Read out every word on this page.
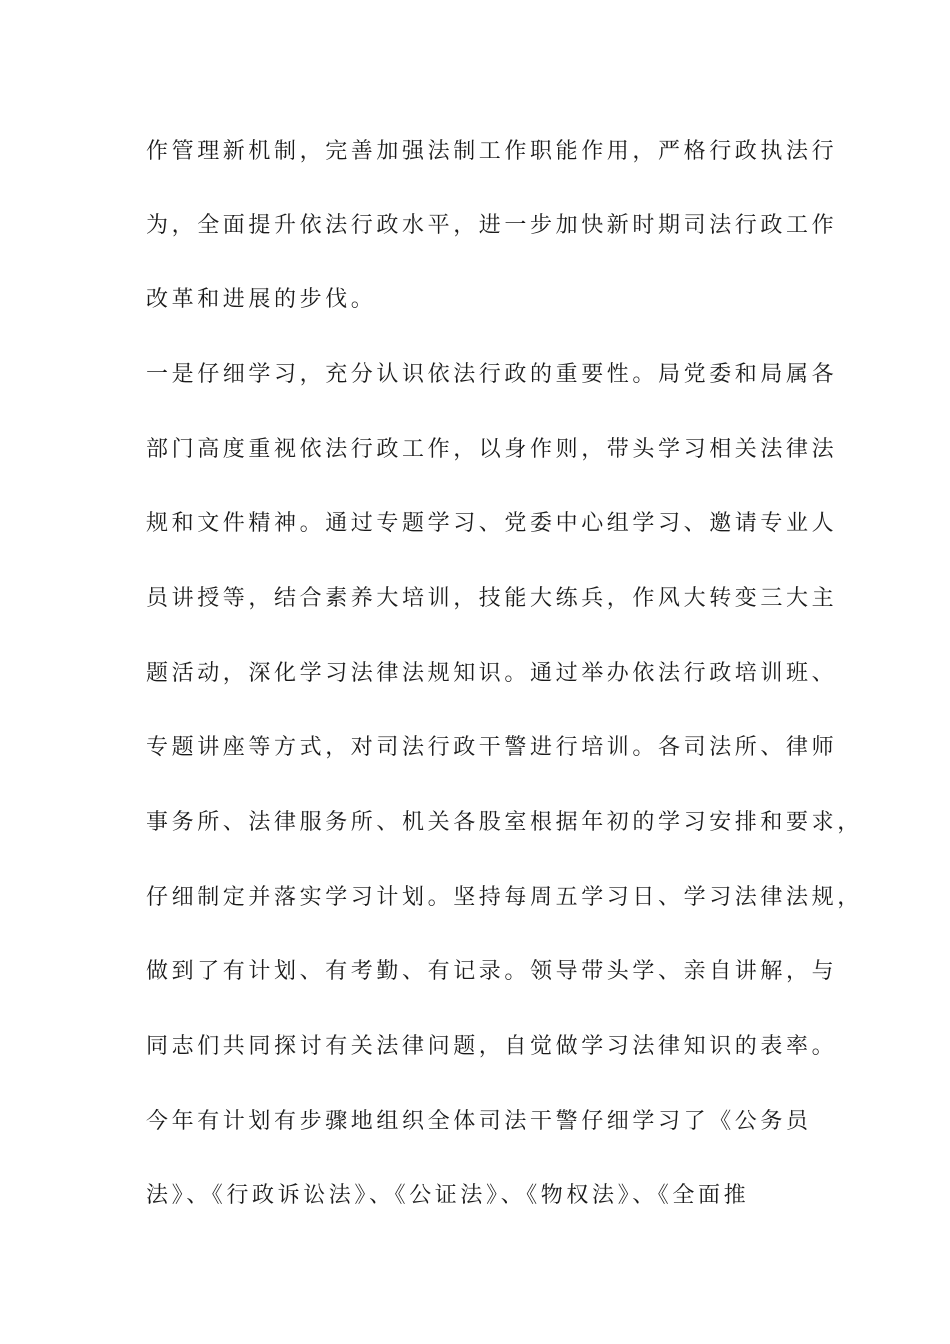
作管理新机制，完善加强法制工作职能作用，严格行政执法行
为，全面提升依法行政水平，进一步加快新时期司法行政工作
改革和进展的步伐。
一是仔细学习，充分认识依法行政的重要性。局党委和局属各
部门高度重视依法行政工作，以身作则，带头学习相关法律法
规和文件精神。通过专题学习、党委中心组学习、邀请专业人
员讲授等，结合素养大培训，技能大练兵，作风大转变三大主
题活动，深化学习法律法规知识。通过举办依法行政培训班、
专题讲座等方式，对司法行政干警进行培训。各司法所、律师
事务所、法律服务所、机关各股室根据年初的学习安排和要求，
仔细制定并落实学习计划。坚持每周五学习日、学习法律法规，
做到了有计划、有考勤、有记录。领导带头学、亲自讲解，与
同志们共同探讨有关法律问题，自觉做学习法律知识的表率。
今年有计划有步骤地组织全体司法干警仔细学习了《公务员
法》、《行政诉讼法》、《公证法》、《物权法》、《全面推
